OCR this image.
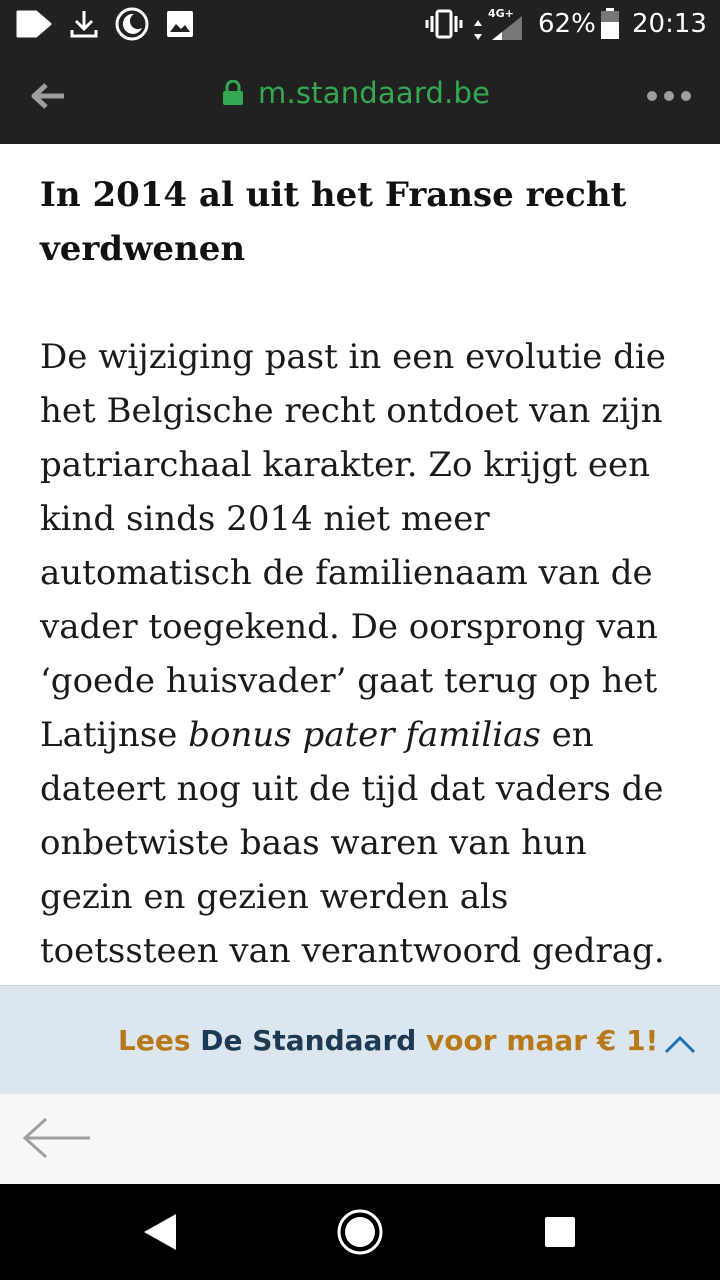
4G+ 62% 20:13
m.standaard.be
In 2014 al uit het Franse recht
verdwenen

De wijziging past in een evolutie die
het Belgische recht ontdoet van zijn
patriarchaal karakter. Zo krijgt een
kind sinds 2014 niet meer
automatisch de familienaam van de
vader toegekend. De oorsprong van
‘goede huisvader’ gaat terug op het
Latijnse bonus pater familias en
dateert nog uit de tijd dat vaders de
onbetwiste baas waren van hun
gezin en gezien werden als
toetssteen van verantwoord gedrag.

Lees De Standaard voor maar € 1!
